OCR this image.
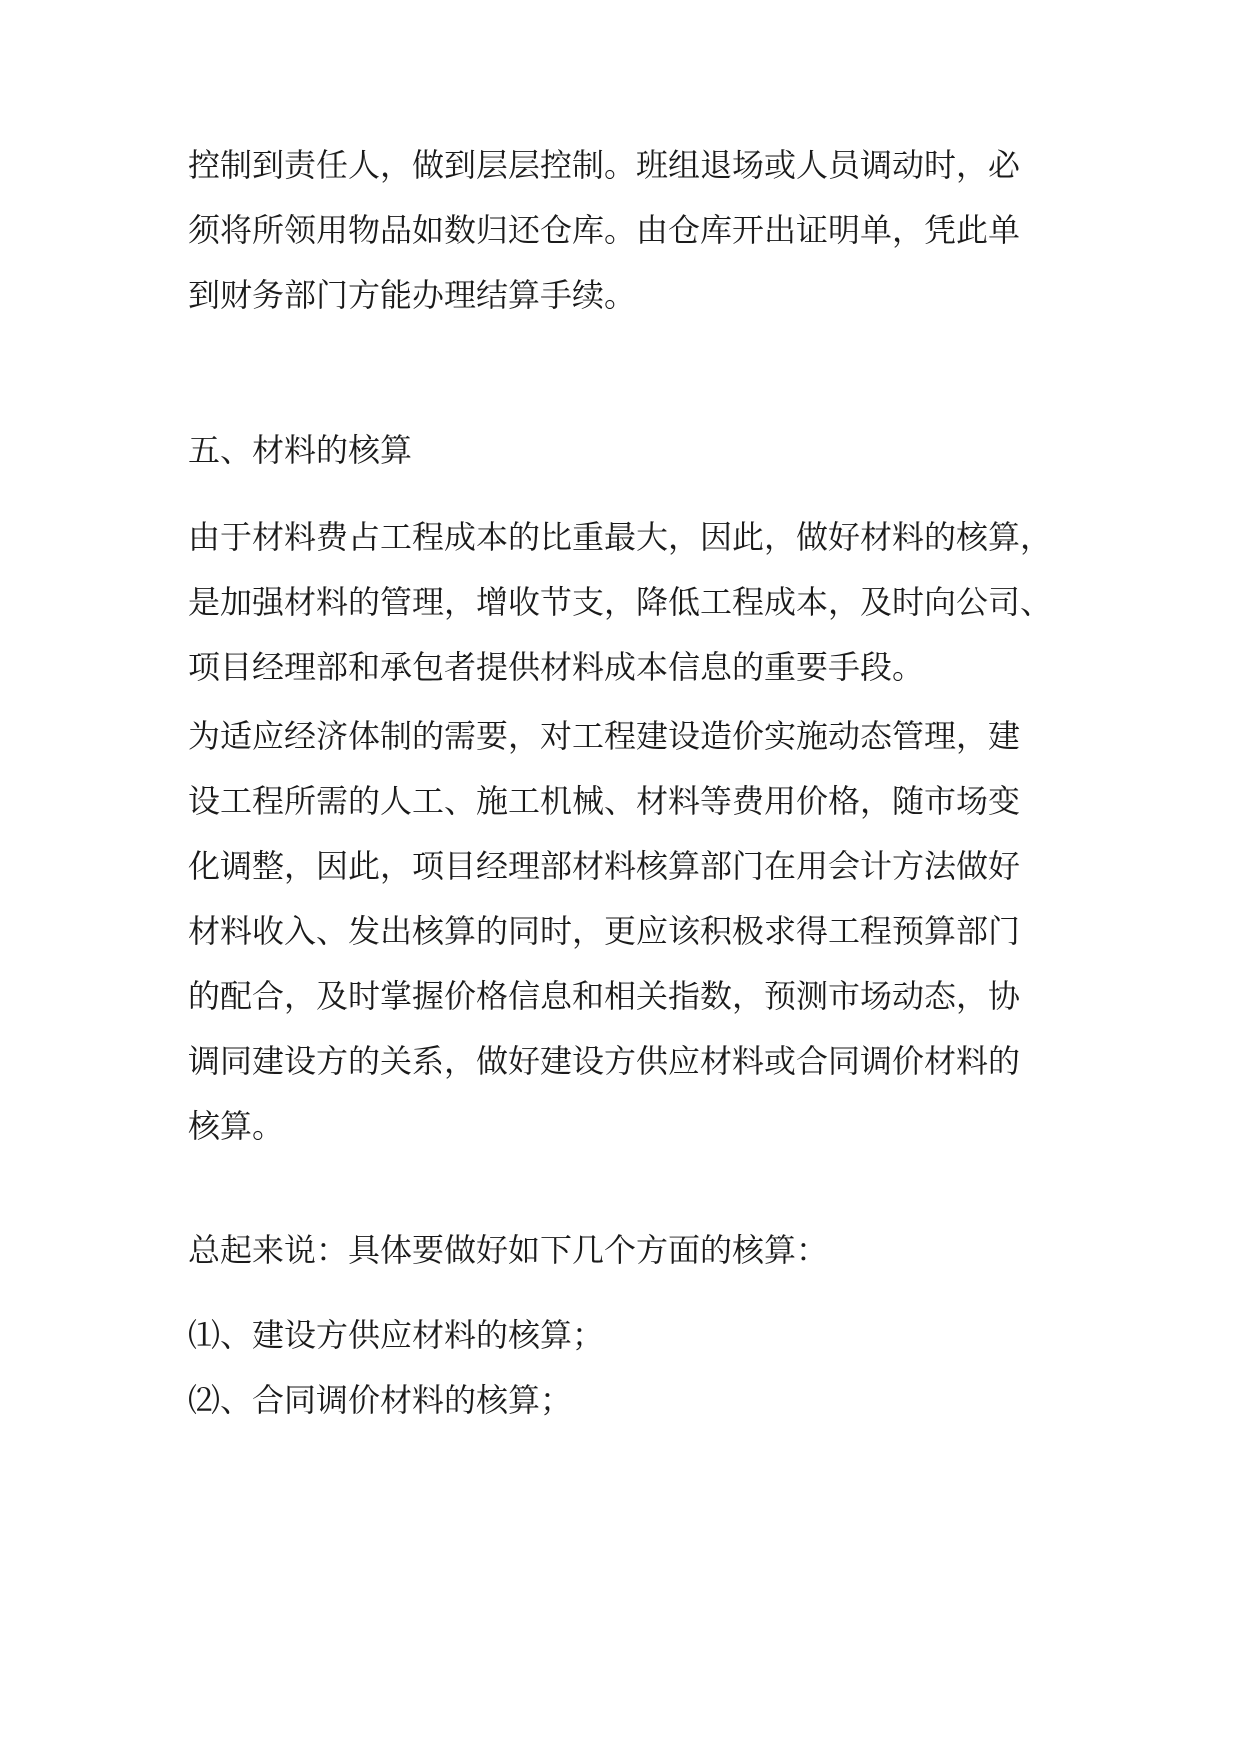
控制到责任人，做到层层控制。班组退场或人员调动时，必
须将所领用物品如数归还仓库。由仓库开出证明单，凭此单
到财务部门方能办理结算手续。
五、材料的核算
由于材料费占工程成本的比重最大，因此，做好材料的核算，
是加强材料的管理，增收节支，降低工程成本，及时向公司、
项目经理部和承包者提供材料成本信息的重要手段。
为适应经济体制的需要，对工程建设造价实施动态管理，建
设工程所需的人工、施工机械、材料等费用价格，随市场变
化调整，因此，项目经理部材料核算部门在用会计方法做好
材料收入、发出核算的同时，更应该积极求得工程预算部门
的配合，及时掌握价格信息和相关指数，预测市场动态，协
调同建设方的关系，做好建设方供应材料或合同调价材料的
核算。
总起来说：具体要做好如下几个方面的核算：
⑴、建设方供应材料的核算；
⑵、合同调价材料的核算；
